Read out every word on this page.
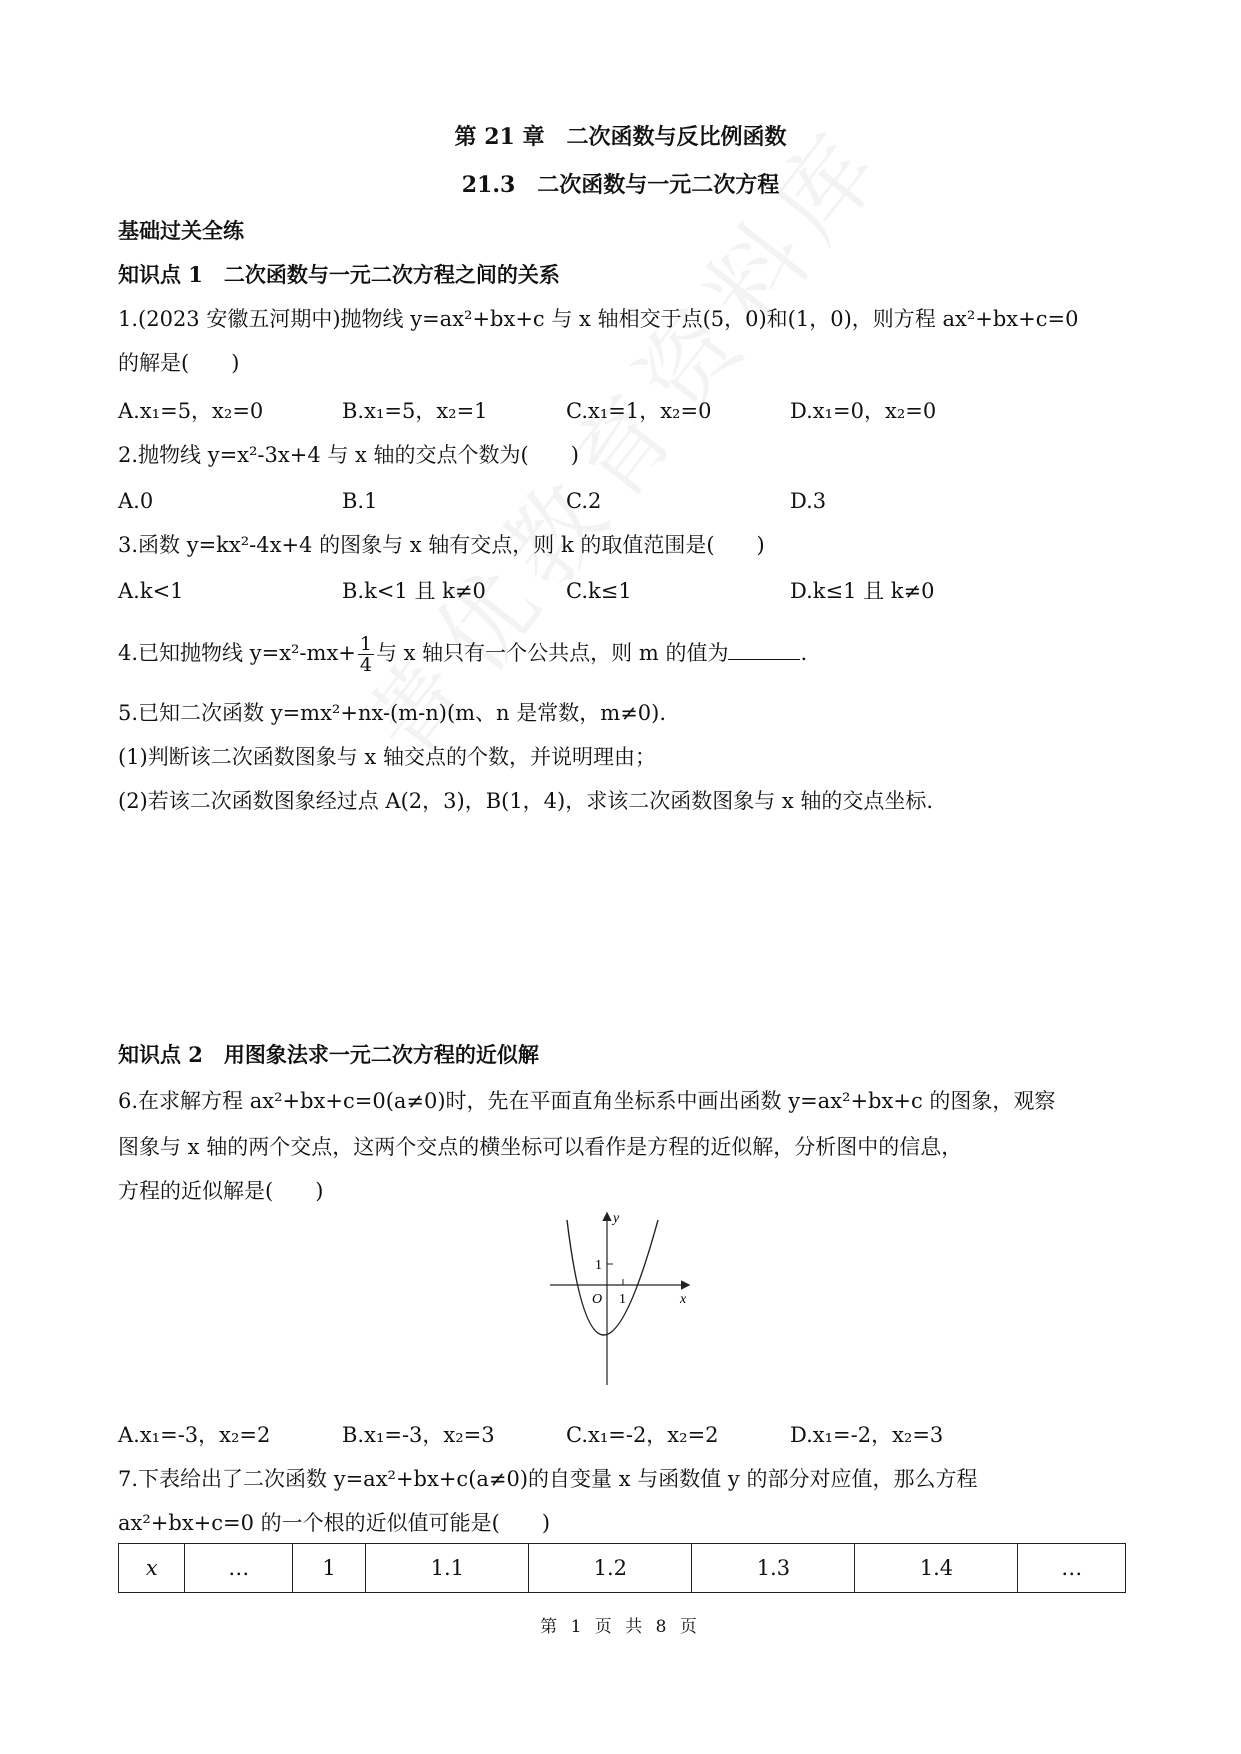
第 21 章　二次函数与反比例函数
21.3　二次函数与一元二次方程
基础过关全练
知识点 1　二次函数与一元二次方程之间的关系
1.(2023 安徽五河期中)抛物线 y=ax²+bx+c 与 x 轴相交于点(5，0)和(1，0)，则方程 ax²+bx+c=0
的解是(　　)
A.x₁=5，x₂=0	B.x₁=5，x₂=1	C.x₁=1，x₂=0	D.x₁=0，x₂=0
2.抛物线 y=x²-3x+4 与 x 轴的交点个数为(　　)
A.0	B.1	C.2	D.3
3.函数 y=kx²-4x+4 的图象与 x 轴有交点，则 k 的取值范围是(　　)
A.k<1	B.k<1 且 k≠0	C.k≤1	D.k≤1 且 k≠0
4.已知抛物线 $y=x^2-mx+ \frac{1}{4}$ 与 x 轴只有一个公共点，则 m 的值为	.
5.已知二次函数 y=mx²+nx-(m-n)(m、n 是常数，m≠0).
(1)判断该二次函数图象与 x 轴交点的个数，并说明理由；
(2)若该二次函数图象经过点 A(2，3)，B(1，4)，求该二次函数图象与 x 轴的交点坐标.
知识点 2　用图象法求一元二次方程的近似解
6.在求解方程 ax²+bx+c=0(a≠0)时，先在平面直角坐标系中画出函数 y=ax²+bx+c 的图象，观察
图象与 x 轴的两个交点，这两个交点的横坐标可以看作是方程的近似解，分析图中的信息，
方程的近似解是(　　)
y
x
O 1
1
A.x₁=-3，x₂=2	B.x₁=-3，x₂=3	C.x₁=-2，x₂=2	D.x₁=-2，x₂=3
7.下表给出了二次函数 y=ax²+bx+c(a≠0)的自变量 x 与函数值 y 的部分对应值，那么方程
ax²+bx+c=0 的一个根的近似值可能是(　　)
x	…	1	1.1	1.2	1.3	1.4	…
第 1 页 共 8 页
